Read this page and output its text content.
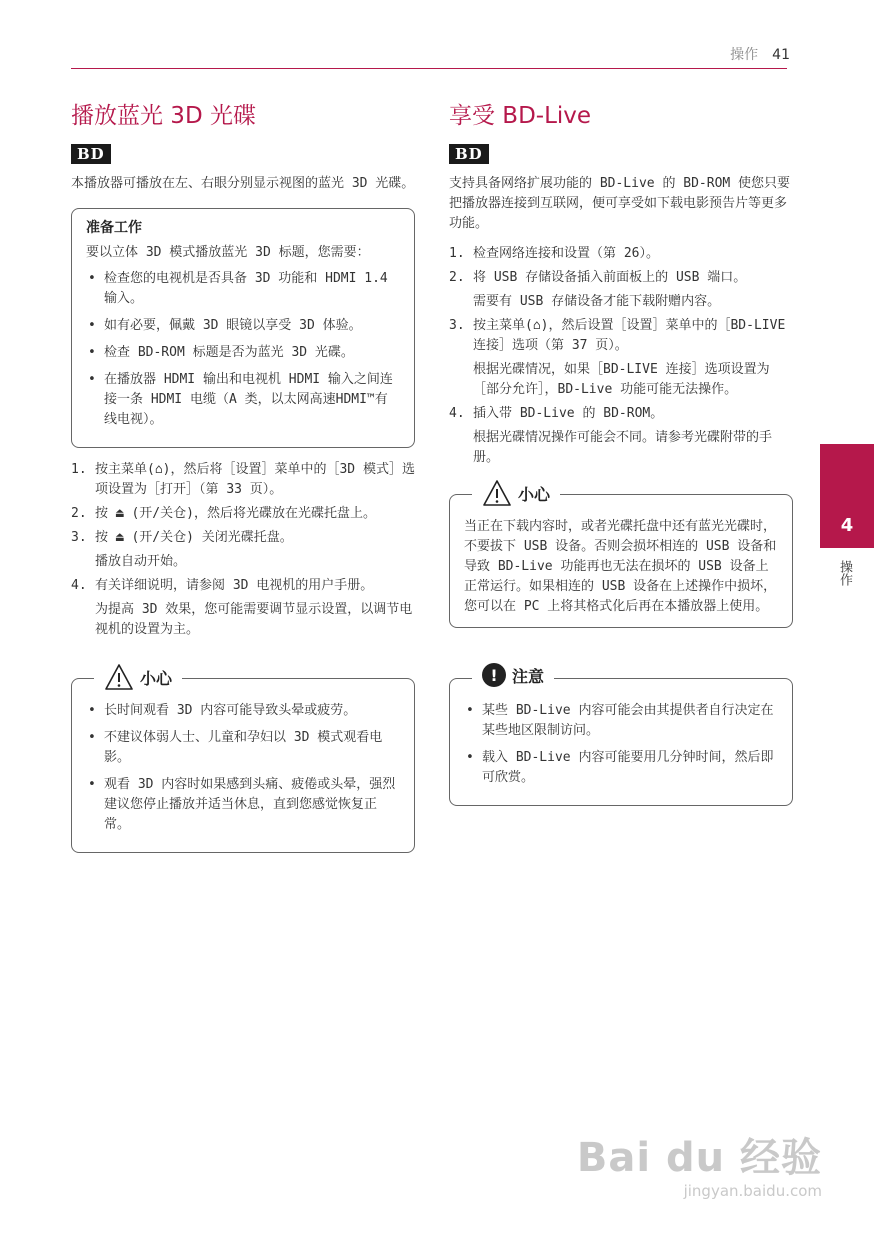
操作 41
播放蓝光 3D 光碟
BD

本播放器可播放在左、右眼分别显示视图的蓝光 3D 光碟。

准备工作
要以立体 3D 模式播放蓝光 3D 标题，您需要：
• 检查您的电视机是否具备 3D 功能和 HDMI 1.4 输入。
• 如有必要，佩戴 3D 眼镜以享受 3D 体验。
• 检查 BD-ROM 标题是否为蓝光 3D 光碟。
• 在播放器 HDMI 输出和电视机 HDMI 输入之间连接一条 HDMI 电缆（A 类，以太网高速HDMI™有线电视）。
1. 按主菜单(⌂)，然后将［设置］菜单中的［3D 模式］选项设置为［打开］（第 33 页）。
2. 按 ⏏ (开/关仓)，然后将光碟放在光碟托盘上。
3. 按 ⏏ (开/关仓) 关闭光碟托盘。
播放自动开始。
4. 有关详细说明，请参阅 3D 电视机的用户手册。
为提高 3D 效果，您可能需要调节显示设置，以调节电视机的设置为主。
小心
• 长时间观看 3D 内容可能导致头晕或疲劳。
• 不建议体弱人士、儿童和孕妇以 3D 模式观看电影。
• 观看 3D 内容时如果感到头痛、疲倦或头晕，强烈建议您停止播放并适当休息，直到您感觉恢复正常。
享受 BD-Live
BD

支持具备网络扩展功能的 BD-Live 的 BD-ROM 使您只要把播放器连接到互联网，便可享受如下载电影预告片等更多功能。

1. 检查网络连接和设置（第 26）。
2. 将 USB 存储设备插入前面板上的 USB 端口。
需要有 USB 存储设备才能下载附赠内容。
3. 按主菜单(⌂)，然后设置［设置］菜单中的［BD-LIVE 连接］选项（第 37 页）。
根据光碟情况，如果［BD-LIVE 连接］选项设置为［部分允许］，BD-Live 功能可能无法操作。
4. 插入带 BD-Live 的 BD-ROM。
根据光碟情况操作可能会不同。请参考光碟附带的手册。
小心

当正在下载内容时，或者光碟托盘中还有蓝光光碟时，不要拔下 USB 设备。否则会损坏相连的 USB 设备和导致 BD-Live 功能再也无法在损坏的 USB 设备上正常运行。如果相连的 USB 设备在上述操作中损坏，您可以在 PC 上将其格式化后再在本播放器上使用。

! 注意
• 某些 BD-Live 内容可能会由其提供者自行决定在某些地区限制访问。
• 载入 BD-Live 内容可能要用几分钟时间，然后即可欣赏。
4
操作
Bai du 经验
jingyan.baidu.com
